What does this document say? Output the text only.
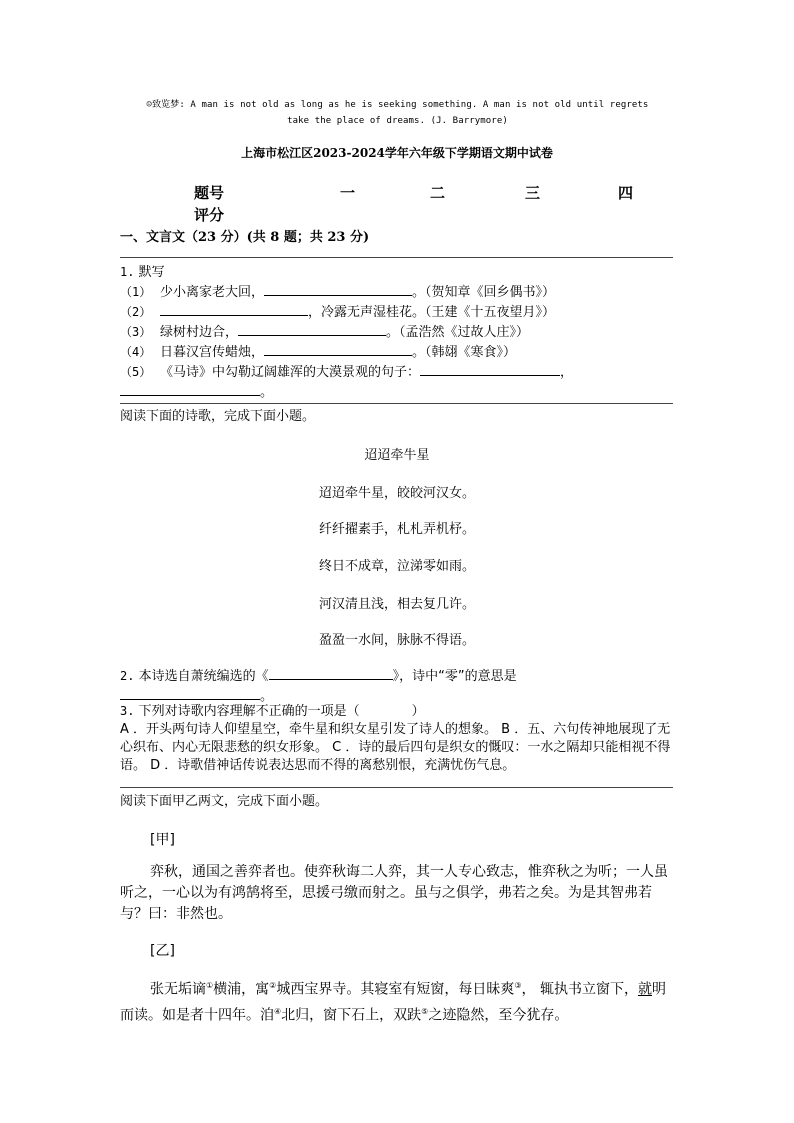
☺致览梦: A man is not old as long as he is seeking something. A man is not old until regrets
take the place of dreams. (J. Barrymore)
上海市松江区2023-2024学年六年级下学期语文期中试卷
题号	一	二	三	四
评分
一、文言文（23 分）(共 8 题；共 23 分)
1. 默写
（1） 少小离家老大回，	。（贺知章《回乡偶书》）
（2）	，冷露无声湿桂花。（王建《十五夜望月》）
（3） 绿树村边合，	。（孟浩然《过故人庄》）
（4） 日暮汉宫传蜡烛，	。（韩翃《寒食》）
（5） 《马诗》中勾勒辽阔雄浑的大漠景观的句子：	，
。
阅读下面的诗歌，完成下面小题。
迢迢牵牛星
迢迢牵牛星，皎皎河汉女。
纤纤擢素手，札札弄机杼。
终日不成章，泣涕零如雨。
河汉清且浅，相去复几许。
盈盈一水间，脉脉不得语。
2. 本诗选自萧统编选的《	》，诗中“零”的意思是
。
3. 下列对诗歌内容理解不正确的一项是（　　　　）
A ．开头两句诗人仰望星空，牵牛星和织女星引发了诗人的想象。 B ．五、六句传神地展现了无心织布、内心无限悲愁的织女形象。 C ．诗的最后四句是织女的慨叹：一水之隔却只能相视不得语。 D ．诗歌借神话传说表达思而不得的离愁别恨，充满忧伤气息。
阅读下面甲乙两文，完成下面小题。
[甲]
弈秋，通国之善弈者也。使弈秋诲二人弈，其一人专心致志，惟弈秋之为听；一人虽听之，一心以为有鸿鹄将至，思援弓缴而射之。虽与之俱学，弗若之矣。为是其智弗若与？曰：非然也。
[乙]
张无垢谪①横浦，寓②城西宝界寺。其寝室有短窗，每日昧爽③， 辄执书立窗下，就明而读。如是者十四年。洎④北归，窗下石上，双趺⑤之迹隐然，至今犹存。
